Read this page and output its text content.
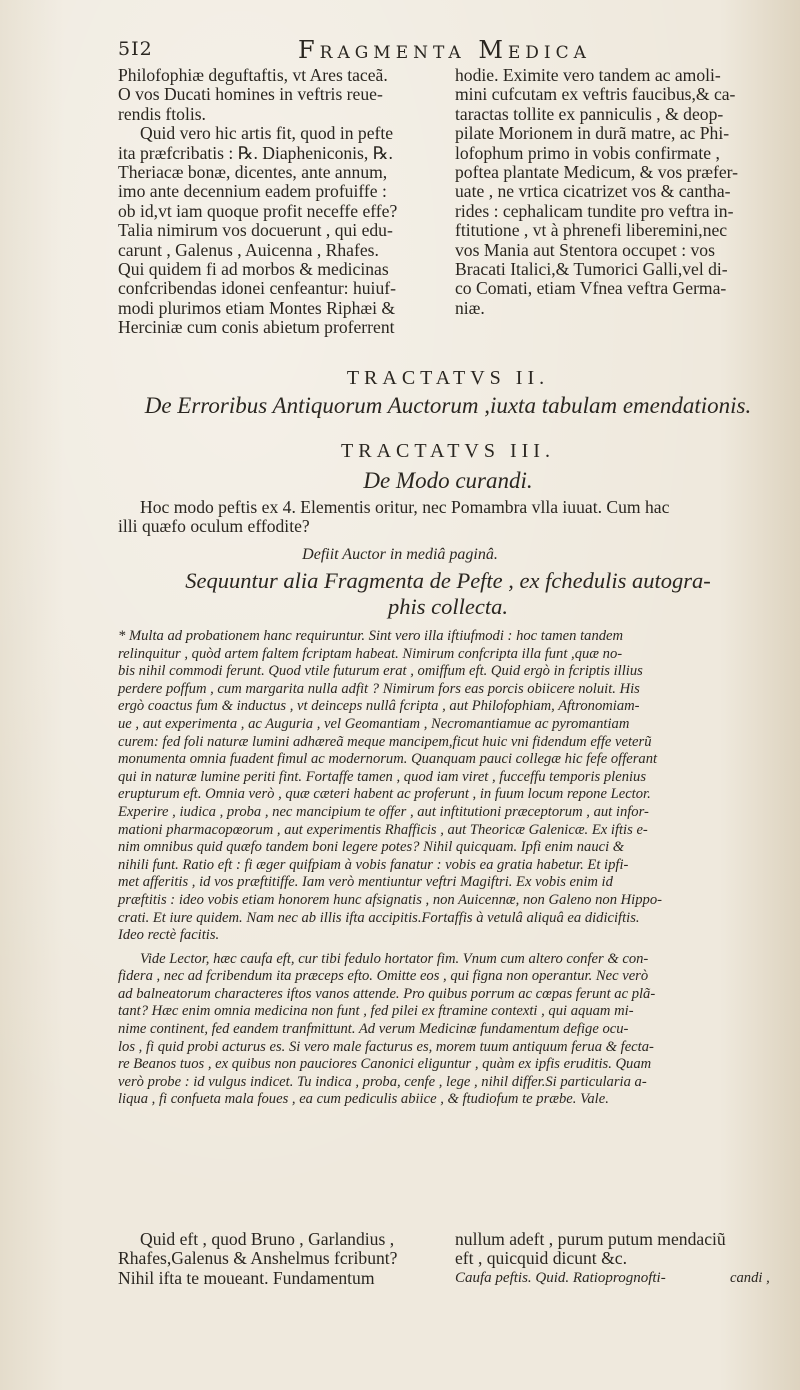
5I2	Fragmenta Medica
Philofophiæ deguftaftis, vt Ares taceã.
O vos Ducati homines in veftris reue-
rendis ftolis.
Quid vero hic artis fit, quod in pefte
ita præfcribatis : ℞. Diapheniconis, ℞.
Theriacæ bonæ, dicentes, ante annum,
imo ante decennium eadem profuiffe :
ob id,vt iam quoque profit neceffe effe?
Talia nimirum vos docuerunt , qui edu-
carunt , Galenus , Auicenna , Rhafes.
Qui quidem fi ad morbos & medicinas
confcribendas idonei cenfeantur: huiuf-
modi plurimos etiam Montes Riphæi &
Herciniæ cum conis abietum proferrent
hodie. Eximite vero tandem ac amoli-
mini cufcutam ex veftris faucibus,& ca-
taractas tollite ex panniculis , & deop-
pilate Morionem in durã matre, ac Phi-
lofophum primo in vobis confirmate ,
poftea plantate Medicum, & vos præfer-
uate , ne vrtica cicatrizet vos & cantha-
rides : cephalicam tundite pro veftra in-
ftitutione , vt à phrenefi liberemini,nec
vos Mania aut Stentora occupet : vos
Bracati Italici,& Tumorici Galli,vel di-
co Comati, etiam Vfnea veftra Germa-
niæ.
TRACTATVS II.
De Erroribus Antiquorum Auctorum ,iuxta tabulam emendationis.
TRACTATVS III.
De Modo curandi.
Hoc modo peftis ex 4. Elementis oritur, nec Pomambra vlla iuuat. Cum hac
illi quæfo oculum effodite?
Defiit Auctor in mediâ paginâ.
Sequuntur alia Fragmenta de Pefte , ex fchedulis autogra-
phis collecta.
* Multa ad probationem hanc requiruntur. Sint vero illa iftiufmodi : hoc tamen tandem
relinquitur , quòd artem faltem fcriptam habeat. Nimirum confcripta illa funt ,quæ no-
bis nihil commodi ferunt. Quod vtile futurum erat , omiffum eft. Quid ergò in fcriptis illius
perdere poffum , cum margarita nulla adfit ? Nimirum fors eas porcis obiicere noluit. His
ergò coactus fum & inductus , vt deinceps nullâ fcripta , aut Philofophiam, Aftronomiam-
ue , aut experimenta , ac Auguria , vel Geomantiam , Necromantiamue ac pyromantiam
curem: fed foli naturæ lumini adhæreã meque mancipem,ficut huic vni fidendum effe veterũ
monumenta omnia fuadent fimul ac modernorum. Quanquam pauci collegæ hic fefe offerant
qui in naturæ lumine periti fint. Fortaffe tamen , quod iam viret , fucceffu temporis plenius
erupturum eft. Omnia verò , quæ cæteri habent ac proferunt , in fuum locum repone Lector.
Experire , iudica , proba , nec mancipium te offer , aut inftitutioni præceptorum , aut infor-
mationi pharmacopœorum , aut experimentis Rhafficis , aut Theoricæ Galenicæ. Ex iftis e-
nim omnibus quid quæfo tandem boni legere potes? Nihil quicquam. Ipfi enim nauci &
nihili funt. Ratio eft : fi æger quifpiam à vobis fanatur : vobis ea gratia habetur. Et ipfi-
met afferitis , id vos præftitiffe. Iam verò mentiuntur veftri Magiftri. Ex vobis enim id
præftitis : ideo vobis etiam honorem hunc afsignatis , non Auicennæ, non Galeno non Hippo-
crati. Et iure quidem. Nam nec ab illis ifta accipitis.Fortaffis à vetulâ aliquâ ea didiciftis.
Ideo rectè facitis.
Vide Lector, hæc caufa eft, cur tibi fedulo hortator fim. Vnum cum altero confer & con-
fidera , nec ad fcribendum ita præceps efto. Omitte eos , qui figna non operantur. Nec verò
ad balneatorum characteres iftos vanos attende. Pro quibus porrum ac cœpas ferunt ac plã-
tant? Hæc enim omnia medicina non funt , fed pilei ex ftramine contexti , qui aquam mi-
nime continent, fed eandem tranfmittunt. Ad verum Medicinæ fundamentum defige ocu-
los , fi quid probi acturus es. Si vero male facturus es, morem tuum antiquum ferua & fecta-
re Beanos tuos , ex quibus non pauciores Canonici eliguntur , quàm ex ipfis eruditis. Quam
verò probe : id vulgus indicet. Tu indica , proba, cenfe , lege , nihil differ.Si particularia a-
liqua , fi confueta mala foues , ea cum pediculis abiice , & ftudiofum te præbe. Vale.
Quid eft , quod Bruno , Garlandius ,
Rhafes,Galenus & Anshelmus fcribunt?
Nihil ifta te moueant. Fundamentum
nullum adeft , purum putum mendaciũ
eft , quicquid dicunt &c.
Caufa peftis. Quid. Ratioprognofti-	candi ,
